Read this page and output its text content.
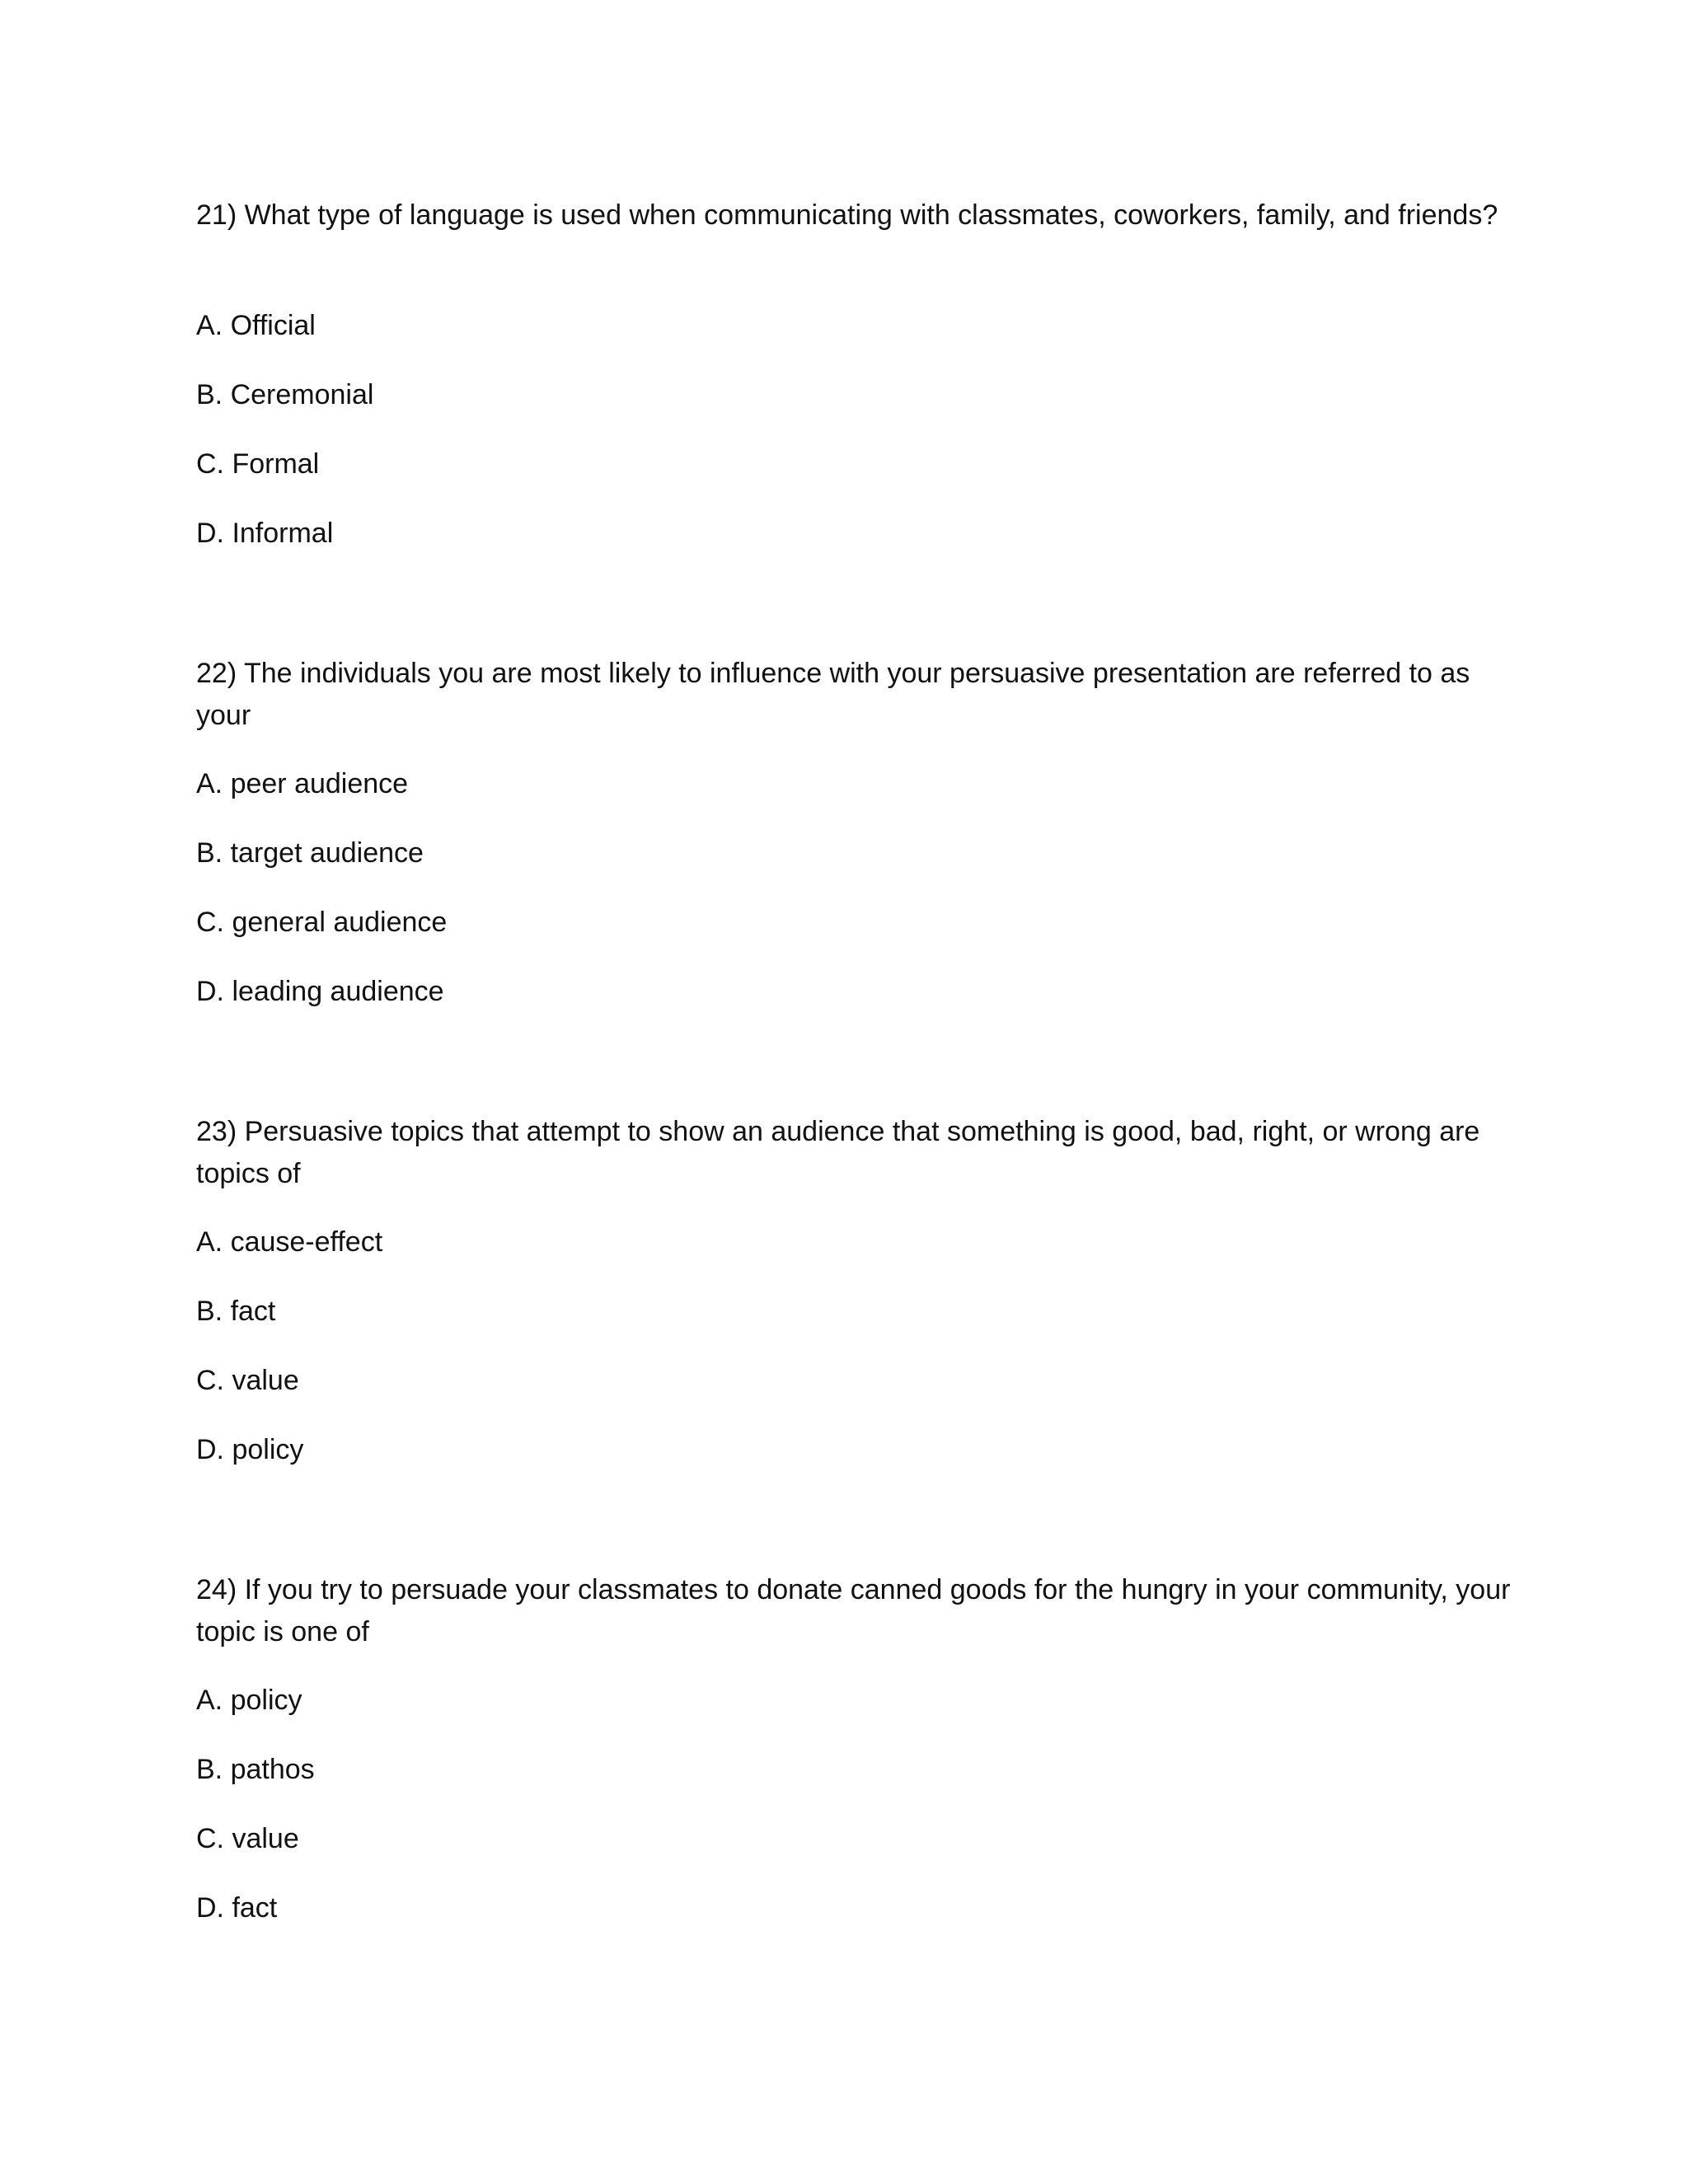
21) What type of language is used when communicating with classmates, coworkers, family, and friends?

A. Official
B. Ceremonial
C. Formal
D. Informal

22) The individuals you are most likely to influence with your persuasive presentation are referred to as your

A. peer audience
B. target audience
C. general audience
D. leading audience

23) Persuasive topics that attempt to show an audience that something is good, bad, right, or wrong are topics of

A. cause-effect
B. fact
C. value
D. policy

24) If you try to persuade your classmates to donate canned goods for the hungry in your community, your topic is one of

A. policy
B. pathos
C. value
D. fact
